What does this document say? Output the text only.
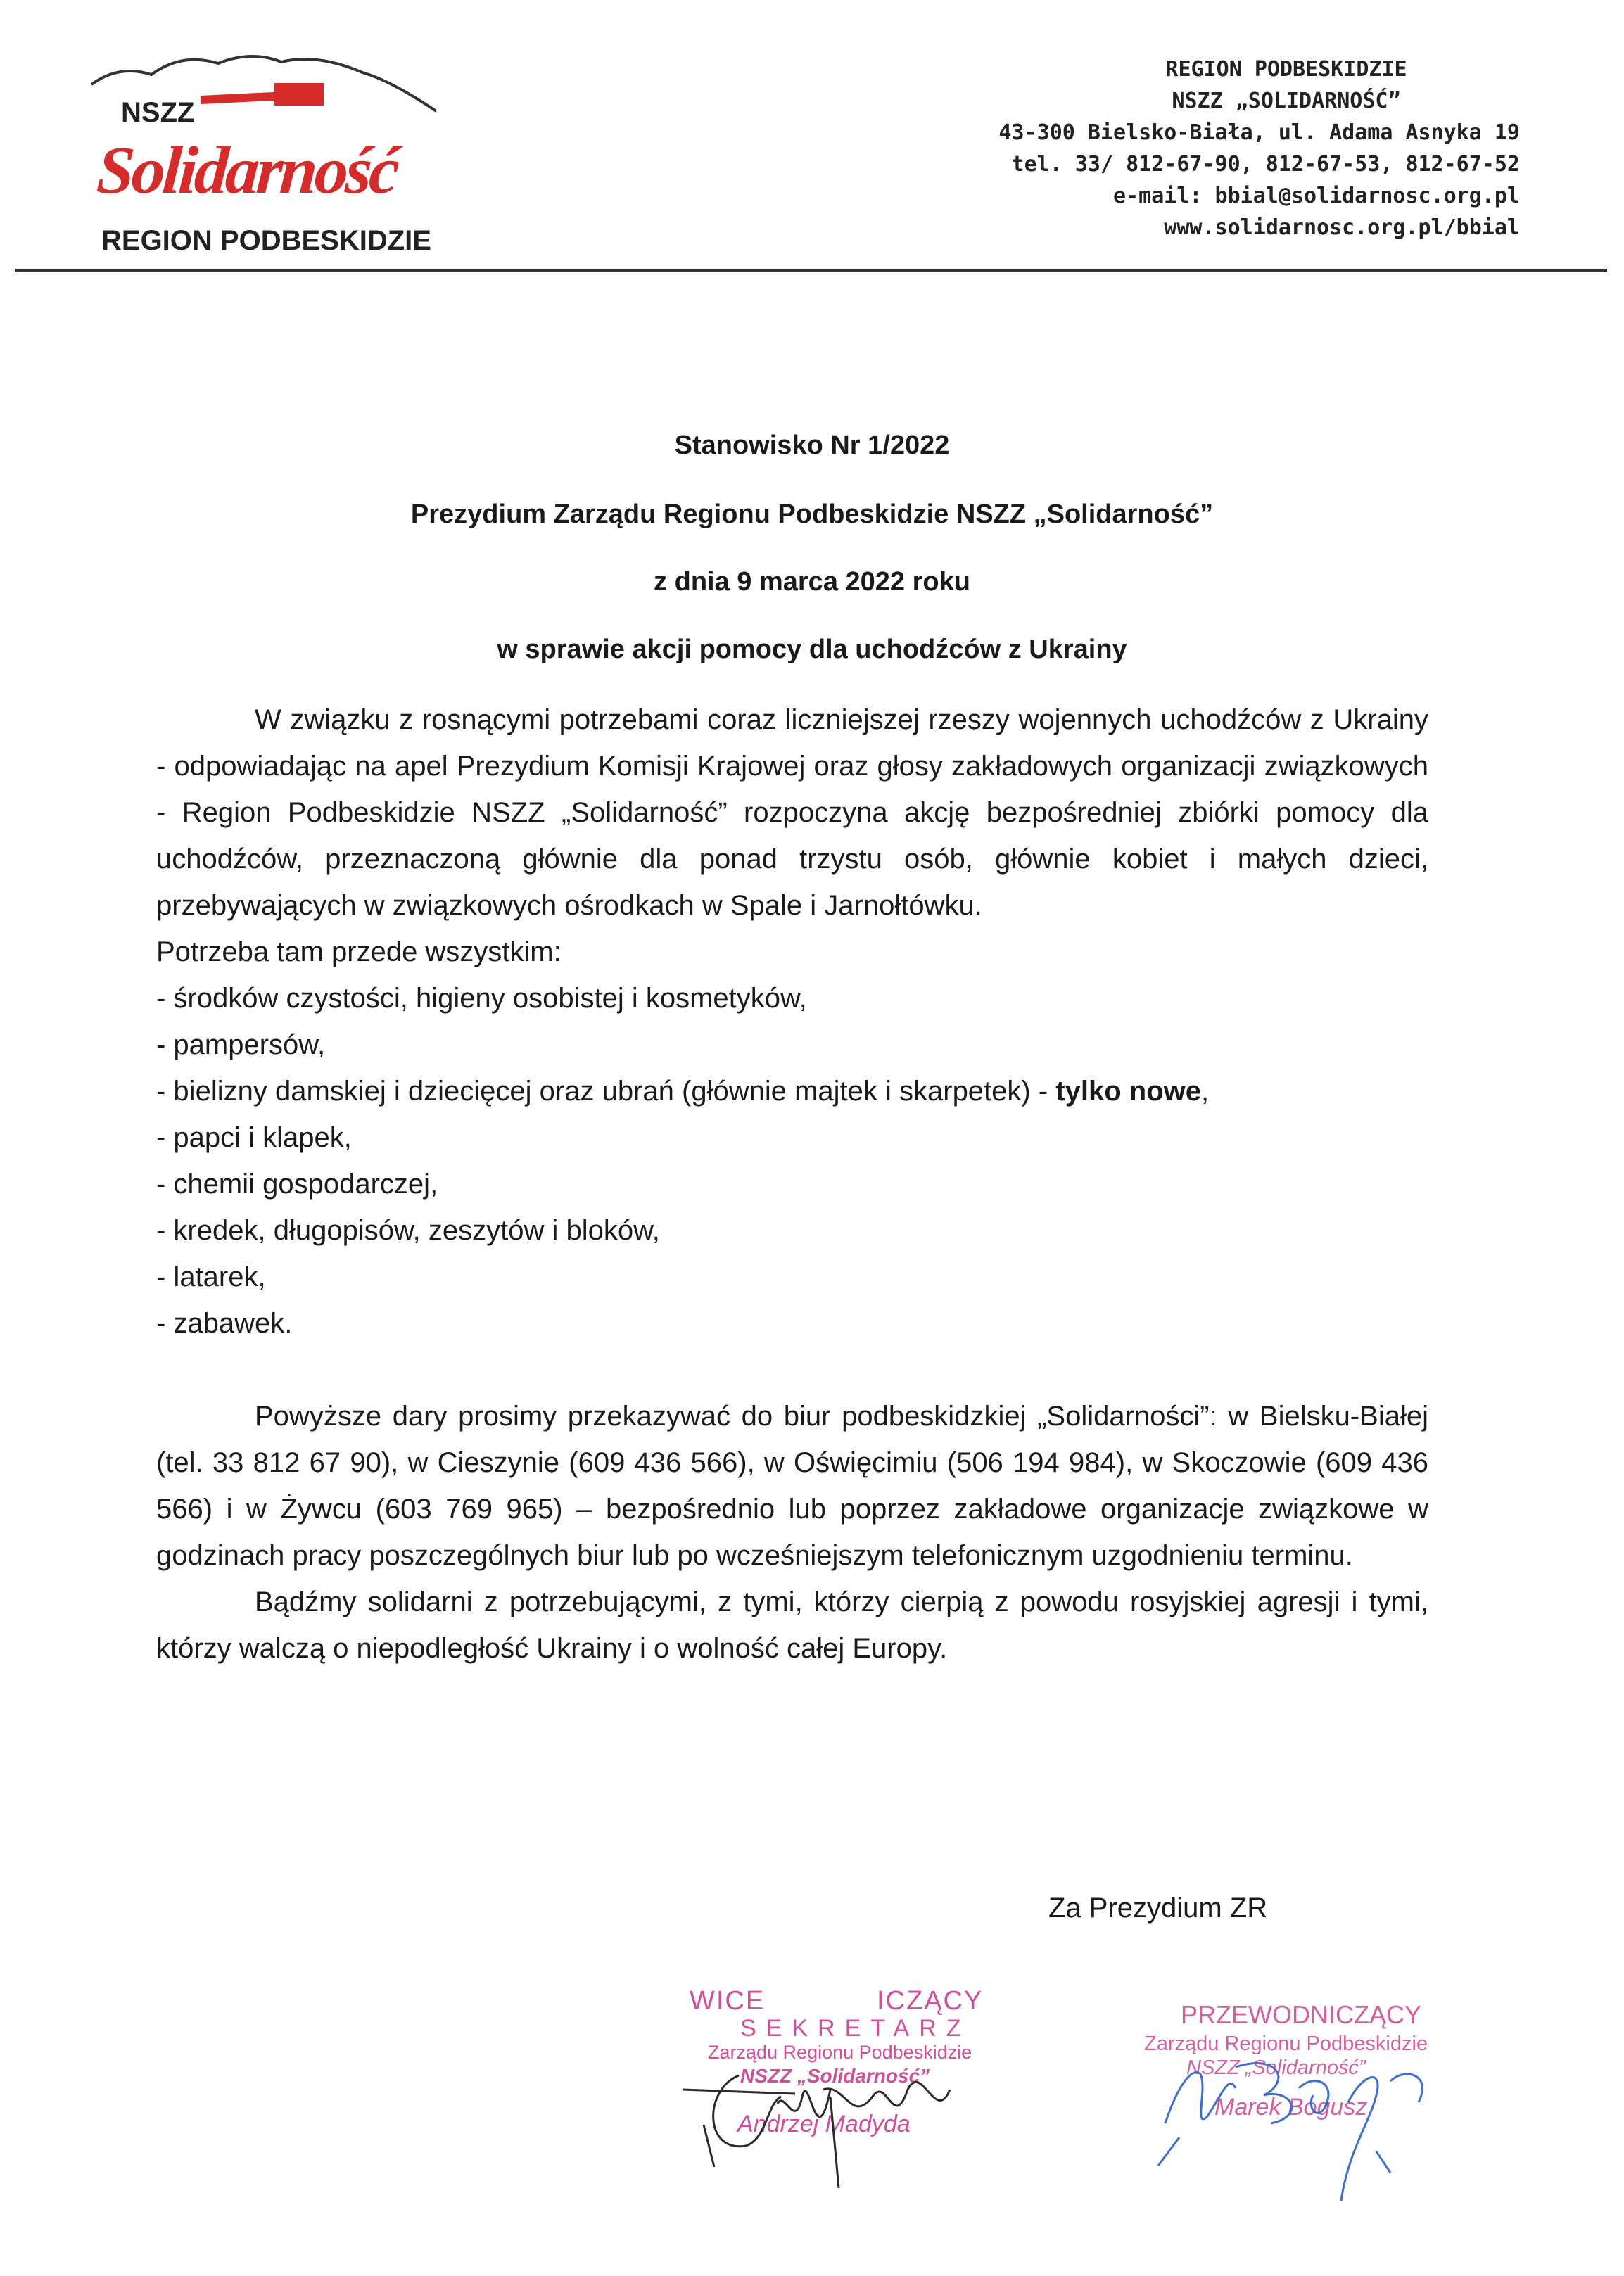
NSZZ
Solidarność
REGION PODBESKIDZIE
REGION PODBESKIDZIE
NSZZ „SOLIDARNOŚĆ”
43-300 Bielsko-Biała, ul. Adama Asnyka 19
tel. 33/ 812-67-90, 812-67-53, 812-67-52
e-mail: bbial@solidarnosc.org.pl
www.solidarnosc.org.pl/bbial
Stanowisko Nr 1/2022
Prezydium Zarządu Regionu Podbeskidzie NSZZ „Solidarność”
z dnia 9 marca 2022 roku
w sprawie akcji pomocy dla uchodźców z Ukrainy

W związku z rosnącymi potrzebami coraz liczniejszej rzeszy wojennych uchodźców z Ukrainy - odpowiadając na apel Prezydium Komisji Krajowej oraz głosy zakładowych organizacji związkowych - Region Podbeskidzie NSZZ „Solidarność” rozpoczyna akcję bezpośredniej zbiórki pomocy dla uchodźców, przeznaczoną głównie dla ponad trzystu osób, głównie kobiet i małych dzieci, przebywających w związkowych ośrodkach w Spale i Jarnołtówku.

Potrzeba tam przede wszystkim:

- środków czystości, higieny osobistej i kosmetyków,
- pampersów,
- bielizny damskiej i dziecięcej oraz ubrań (głównie majtek i skarpetek) - tylko nowe,
- papci i klapek,
- chemii gospodarczej,
- kredek, długopisów, zeszytów i bloków,
- latarek,
- zabawek.

Powyższe dary prosimy przekazywać do biur podbeskidzkiej „Solidarności”: w Bielsku-Białej (tel. 33 812 67 90), w Cieszynie (609 436 566), w Oświęcimiu (506 194 984), w Skoczowie (609 436 566) i w Żywcu (603 769 965) – bezpośrednio lub poprzez zakładowe organizacje związkowe w godzinach pracy poszczególnych biur lub po wcześniejszym telefonicznym uzgodnieniu terminu.

Bądźmy solidarni z potrzebującymi, z tymi, którzy cierpią z powodu rosyjskiej agresji i tymi, którzy walczą o niepodległość Ukrainy i o wolność całej Europy.

Za Prezydium ZR
WICE	ICZĄCY
SEKRETARZ
Zarządu Regionu Podbeskidzie
NSZZ „Solidarność”
Andrzej Madyda
PRZEWODNICZĄCY
Zarządu Regionu Podbeskidzie
NSZZ „Solidarność”
Marek Bogusz
